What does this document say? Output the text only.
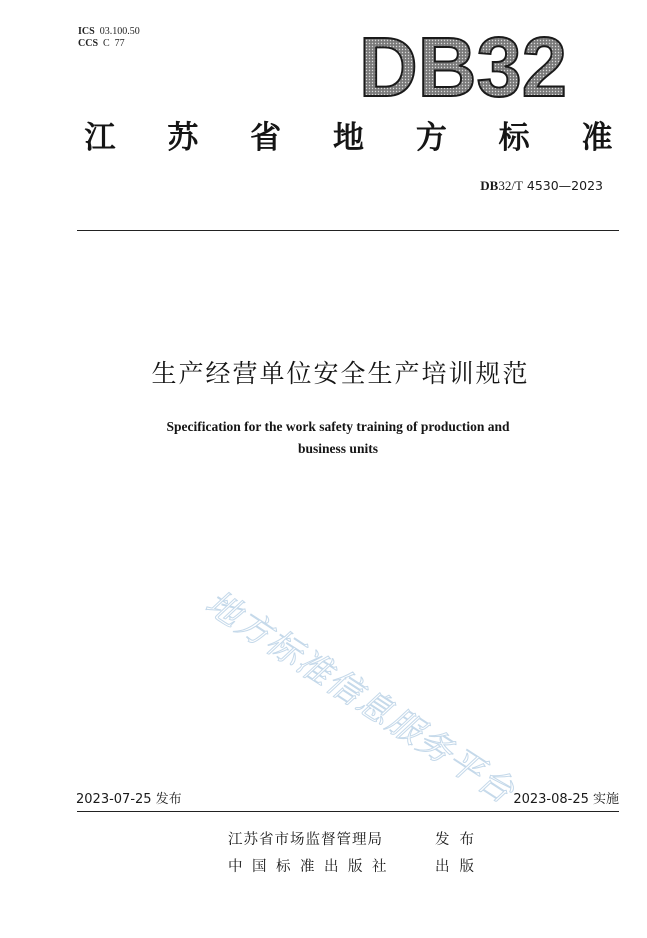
ICS 03.100.50
CCS C  77	DB32
江 苏 省 地 方 标 准
DB32/T 4530—2023
生产经营单位安全生产培训规范
Specification for the work safety training of production and
business units
地方标准信息服务平台
2023-07-25 发布	2023-08-25 实施
江苏省市场监督管理局	发布
中国标准出版社	出版
